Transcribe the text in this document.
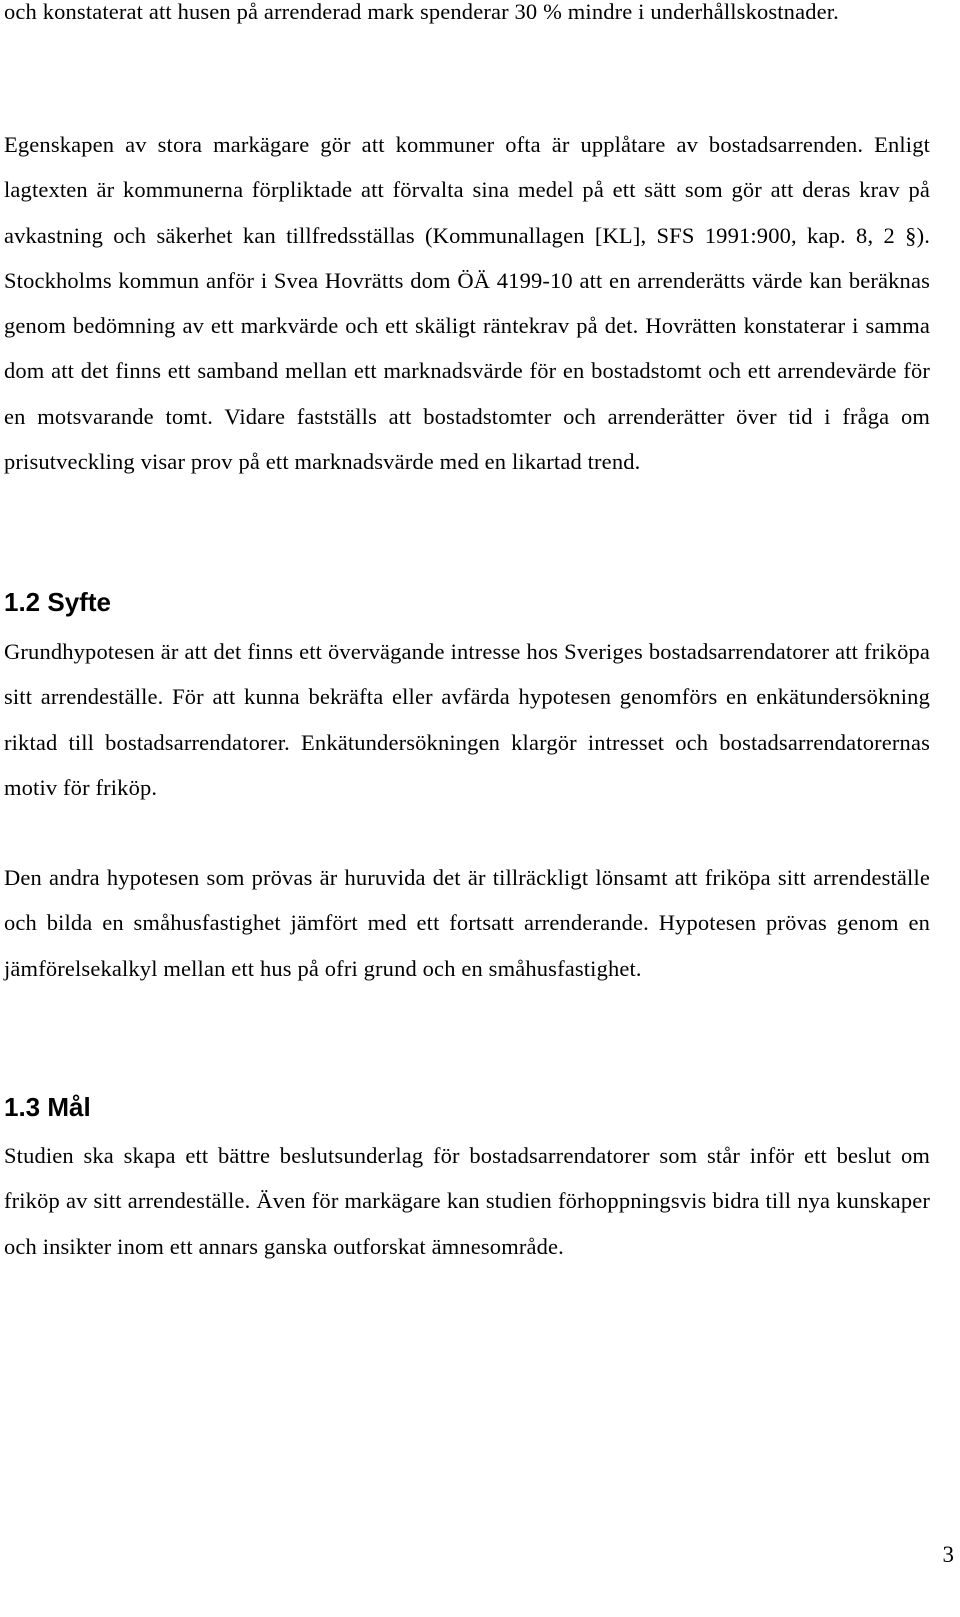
och konstaterat att husen på arrenderad mark spenderar 30 % mindre i underhållskostnader.

Egenskapen av stora markägare gör att kommuner ofta är upplåtare av bostadsarrenden. Enligt lagtexten är kommunerna förpliktade att förvalta sina medel på ett sätt som gör att deras krav på avkastning och säkerhet kan tillfredsställas (Kommunallagen [KL], SFS 1991:900, kap. 8, 2 §). Stockholms kommun anför i Svea Hovrätts dom ÖÄ 4199-10 att en arrenderätts värde kan beräknas genom bedömning av ett markvärde och ett skäligt räntekrav på det. Hovrätten konstaterar i samma dom att det finns ett samband mellan ett marknadsvärde för en bostadstomt och ett arrendevärde för en motsvarande tomt. Vidare fastställs att bostadstomter och arrenderätter över tid i fråga om prisutveckling visar prov på ett marknadsvärde med en likartad trend.

1.2 Syfte

Grundhypotesen är att det finns ett övervägande intresse hos Sveriges bostadsarrendatorer att friköpa sitt arrendeställe. För att kunna bekräfta eller avfärda hypotesen genomförs en enkätundersökning riktad till bostadsarrendatorer. Enkätundersökningen klargör intresset och bostadsarrendatorernas motiv för friköp.

Den andra hypotesen som prövas är huruvida det är tillräckligt lönsamt att friköpa sitt arrendeställe och bilda en småhusfastighet jämfört med ett fortsatt arrenderande. Hypotesen prövas genom en jämförelsekalkyl mellan ett hus på ofri grund och en småhusfastighet.

1.3 Mål

Studien ska skapa ett bättre beslutsunderlag för bostadsarrendatorer som står inför ett beslut om friköp av sitt arrendeställe. Även för markägare kan studien förhoppningsvis bidra till nya kunskaper och insikter inom ett annars ganska outforskat ämnesområde.

3
